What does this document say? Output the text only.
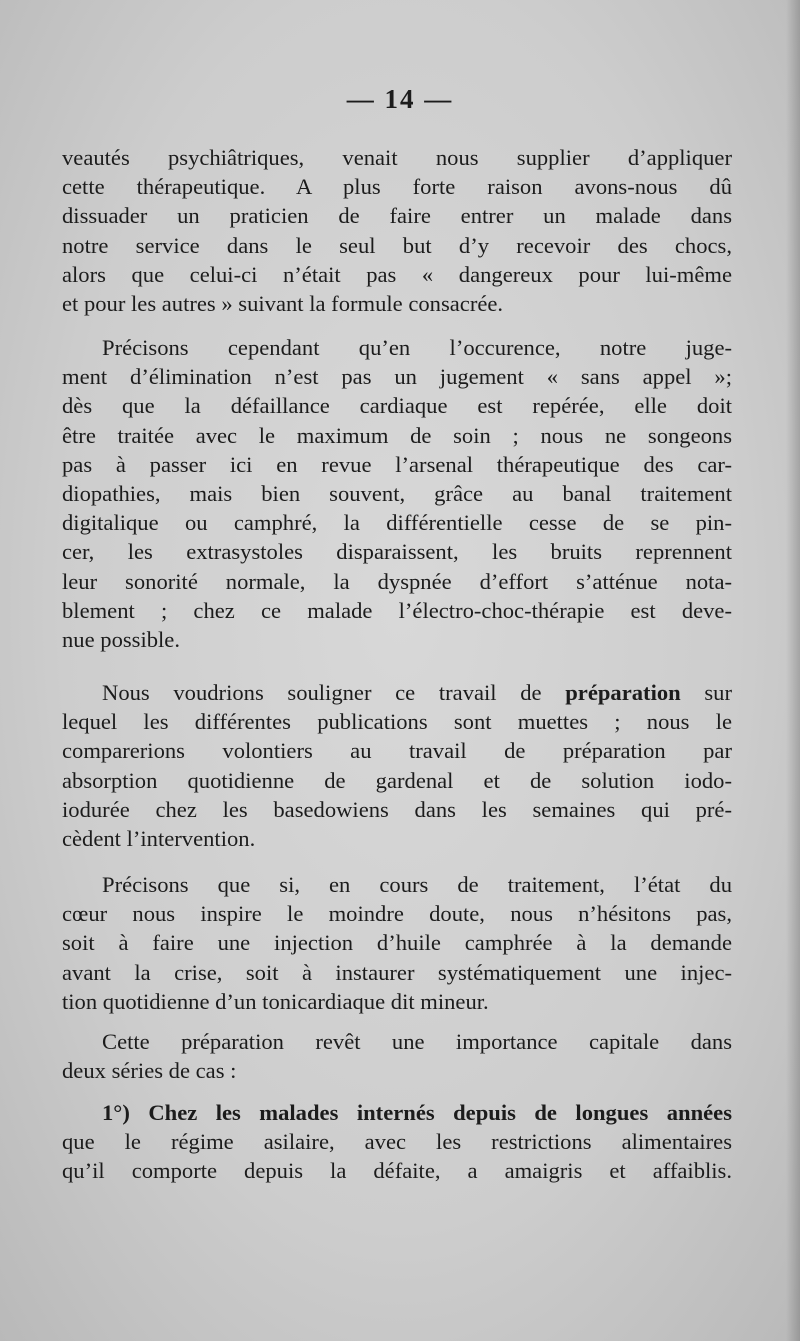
— 14 —
veautés psychiâtriques, venait nous supplier d’appliquer
cette thérapeutique. A plus forte raison avons-nous dû
dissuader un praticien de faire entrer un malade dans
notre service dans le seul but d’y recevoir des chocs,
alors que celui-ci n’était pas « dangereux pour lui-même
et pour les autres » suivant la formule consacrée.
Précisons cependant qu’en l’occurence, notre juge-
ment d’élimination n’est pas un jugement « sans appel »;
dès que la défaillance cardiaque est repérée, elle doit
être traitée avec le maximum de soin ; nous ne songeons
pas à passer ici en revue l’arsenal thérapeutique des car-
diopathies, mais bien souvent, grâce au banal traitement
digitalique ou camphré, la différentielle cesse de se pin-
cer, les extrasystoles disparaissent, les bruits reprennent
leur sonorité normale, la dyspnée d’effort s’atténue nota-
blement ; chez ce malade l’électro-choc-thérapie est deve-
nue possible.
Nous voudrions souligner ce travail de préparation sur
lequel les différentes publications sont muettes ; nous le
comparerions volontiers au travail de préparation par
absorption quotidienne de gardenal et de solution iodo-
iodurée chez les basedowiens dans les semaines qui pré-
cèdent l’intervention.
Précisons que si, en cours de traitement, l’état du
cœur nous inspire le moindre doute, nous n’hésitons pas,
soit à faire une injection d’huile camphrée à la demande
avant la crise, soit à instaurer systématiquement une injec-
tion quotidienne d’un tonicardiaque dit mineur.
Cette préparation revêt une importance capitale dans
deux séries de cas :
1°) Chez les malades internés depuis de longues années
que le régime asilaire, avec les restrictions alimentaires
qu’il comporte depuis la défaite, a amaigris et affaiblis.
